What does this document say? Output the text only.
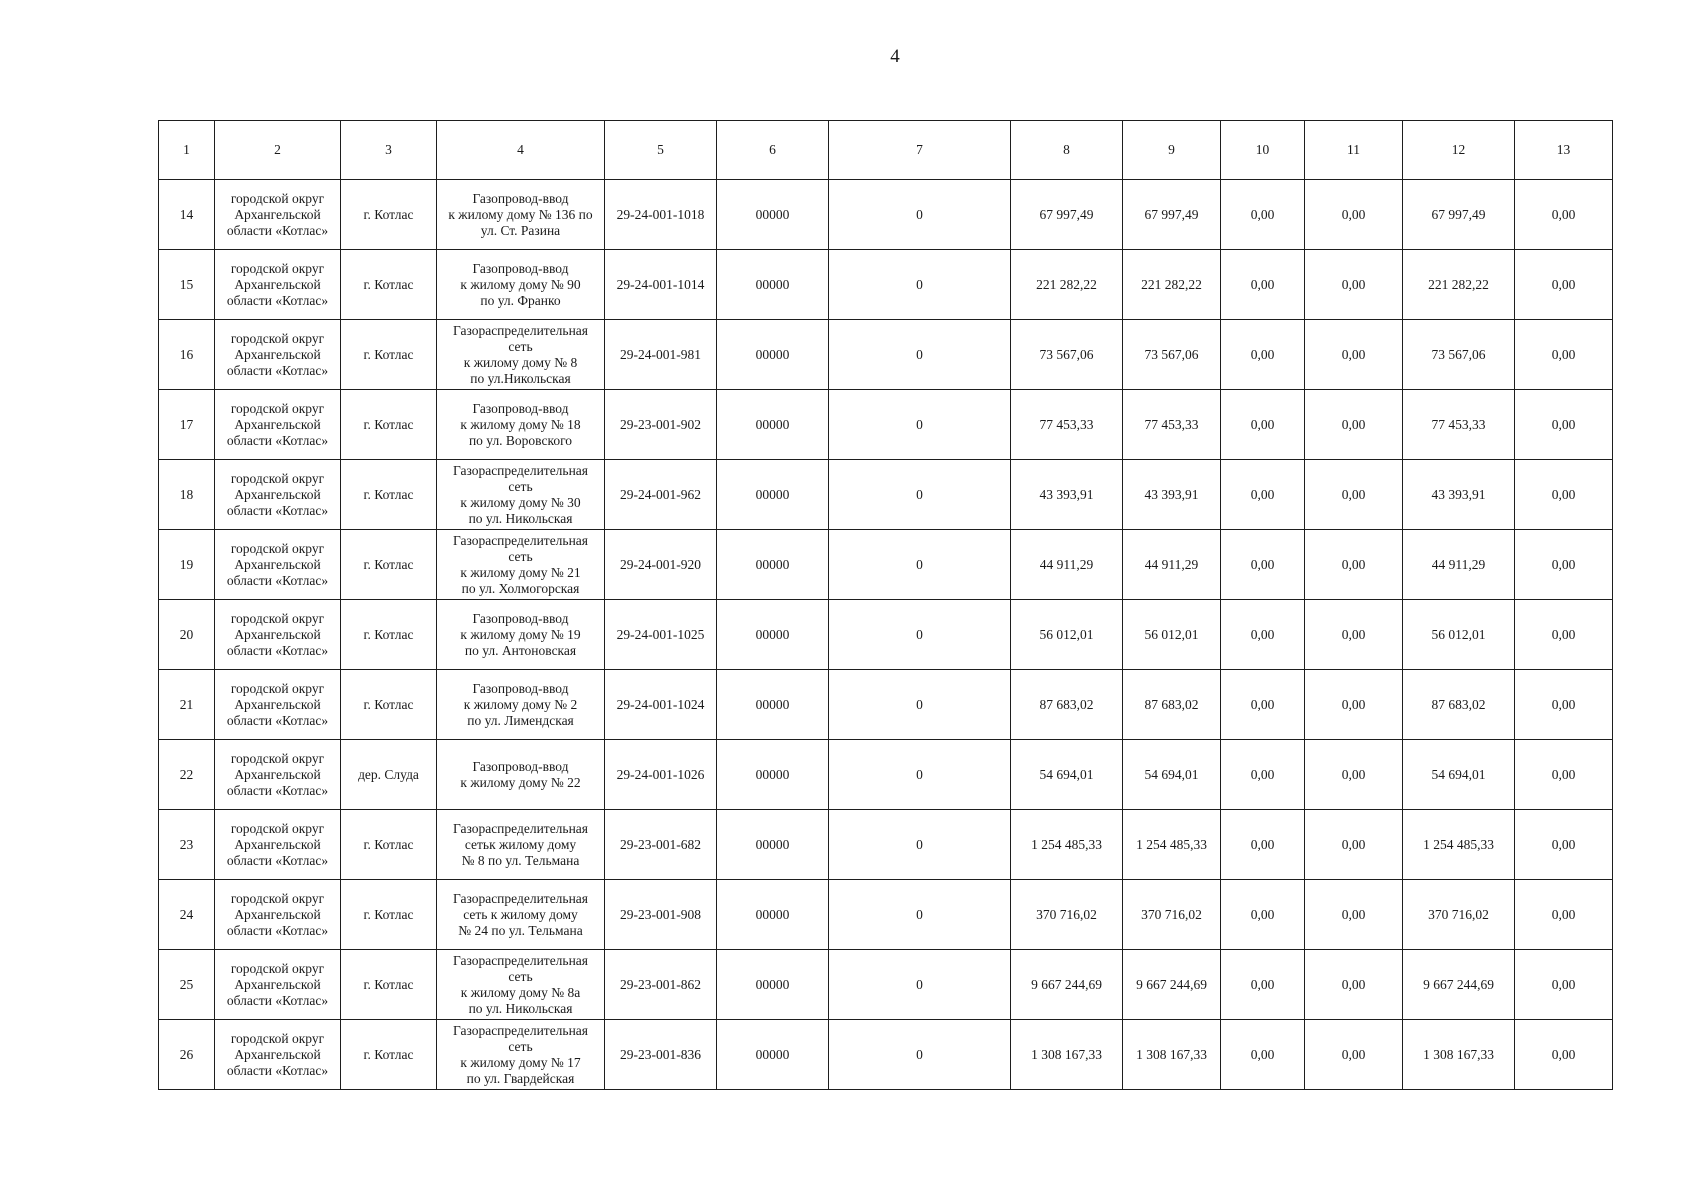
4
1	2	3	4	5	6	7	8	9	10	11	12	13
14	городской округ
Архангельской
области «Котлас»	г. Котлас	Газопровод-ввод
к жилому дому № 136 по
ул. Ст. Разина	29-24-001-1018	00000	0	67 997,49	67 997,49	0,00	0,00	67 997,49	0,00
15	городской округ
Архангельской
области «Котлас»	г. Котлас	Газопровод-ввод
к жилому дому № 90
по ул. Франко	29-24-001-1014	00000	0	221 282,22	221 282,22	0,00	0,00	221 282,22	0,00
16	городской округ
Архангельской
области «Котлас»	г. Котлас	Газораспределительная
сеть
к жилому дому № 8
по ул.Никольская	29-24-001-981	00000	0	73 567,06	73 567,06	0,00	0,00	73 567,06	0,00
17	городской округ
Архангельской
области «Котлас»	г. Котлас	Газопровод-ввод
к жилому дому № 18
по ул. Воровского	29-23-001-902	00000	0	77 453,33	77 453,33	0,00	0,00	77 453,33	0,00
18	городской округ
Архангельской
области «Котлас»	г. Котлас	Газораспределительная
сеть
к жилому дому № 30
по ул. Никольская	29-24-001-962	00000	0	43 393,91	43 393,91	0,00	0,00	43 393,91	0,00
19	городской округ
Архангельской
области «Котлас»	г. Котлас	Газораспределительная
сеть
к жилому дому № 21
по ул. Холмогорская	29-24-001-920	00000	0	44 911,29	44 911,29	0,00	0,00	44 911,29	0,00
20	городской округ
Архангельской
области «Котлас»	г. Котлас	Газопровод-ввод
к жилому дому № 19
по ул. Антоновская	29-24-001-1025	00000	0	56 012,01	56 012,01	0,00	0,00	56 012,01	0,00
21	городской округ
Архангельской
области «Котлас»	г. Котлас	Газопровод-ввод
к жилому дому № 2
по ул. Лимендская	29-24-001-1024	00000	0	87 683,02	87 683,02	0,00	0,00	87 683,02	0,00
22	городской округ
Архангельской
области «Котлас»	дер. Слуда	Газопровод-ввод
к жилому дому № 22	29-24-001-1026	00000	0	54 694,01	54 694,01	0,00	0,00	54 694,01	0,00
23	городской округ
Архангельской
области «Котлас»	г. Котлас	Газораспределительная
сетьк жилому дому
№ 8 по ул. Тельмана	29-23-001-682	00000	0	1 254 485,33	1 254 485,33	0,00	0,00	1 254 485,33	0,00
24	городской округ
Архангельской
области «Котлас»	г. Котлас	Газораспределительная
сеть к жилому дому
№ 24 по ул. Тельмана	29-23-001-908	00000	0	370 716,02	370 716,02	0,00	0,00	370 716,02	0,00
25	городской округ
Архангельской
области «Котлас»	г. Котлас	Газораспределительная
сеть
к жилому дому № 8а
по ул. Никольская	29-23-001-862	00000	0	9 667 244,69	9 667 244,69	0,00	0,00	9 667 244,69	0,00
26	городской округ
Архангельской
области «Котлас»	г. Котлас	Газораспределительная
сеть
к жилому дому № 17
по ул. Гвардейская	29-23-001-836	00000	0	1 308 167,33	1 308 167,33	0,00	0,00	1 308 167,33	0,00
